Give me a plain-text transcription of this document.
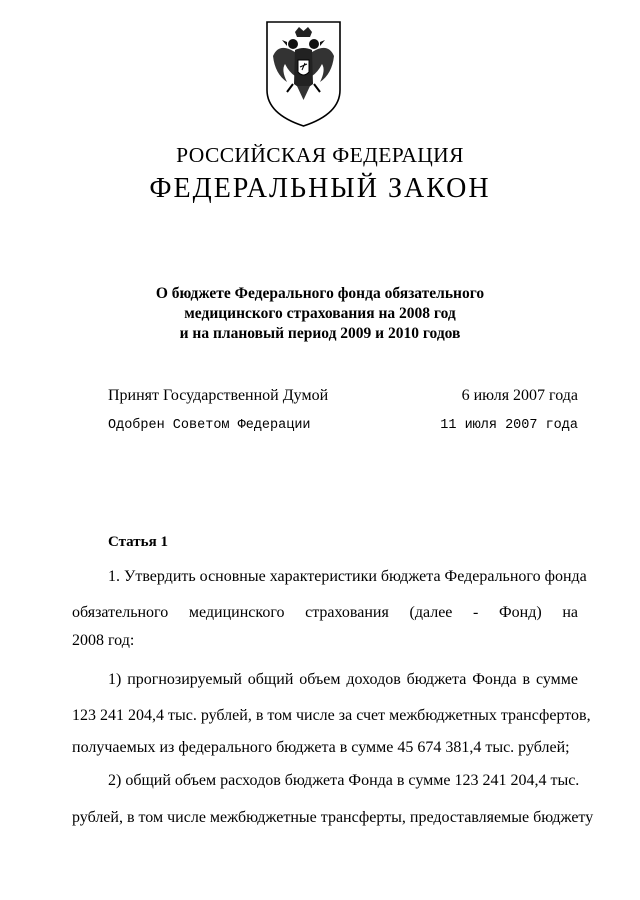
РОССИЙСКАЯ ФЕДЕРАЦИЯ
ФЕДЕРАЛЬНЫЙ ЗАКОН
О бюджете Федерального фонда обязательного
медицинского страхования на 2008 год
и на плановый период 2009 и 2010 годов
Принят Государственной Думой	6 июля 2007 года
Одобрен Советом Федерации	11 июля 2007 года
Статья 1
1. Утвердить основные характеристики бюджета Федерального фонда
обязательного медицинского страхования (далее - Фонд) на
2008 год:
1) прогнозируемый общий объем доходов бюджета Фонда в сумме
123 241 204,4 тыс. рублей, в том числе за счет межбюджетных трансфертов,
получаемых из федерального бюджета в сумме 45 674 381,4 тыс. рублей;
2) общий объем расходов бюджета Фонда в сумме 123 241 204,4 тыс.
рублей, в том числе межбюджетные трансферты, предоставляемые бюджету
